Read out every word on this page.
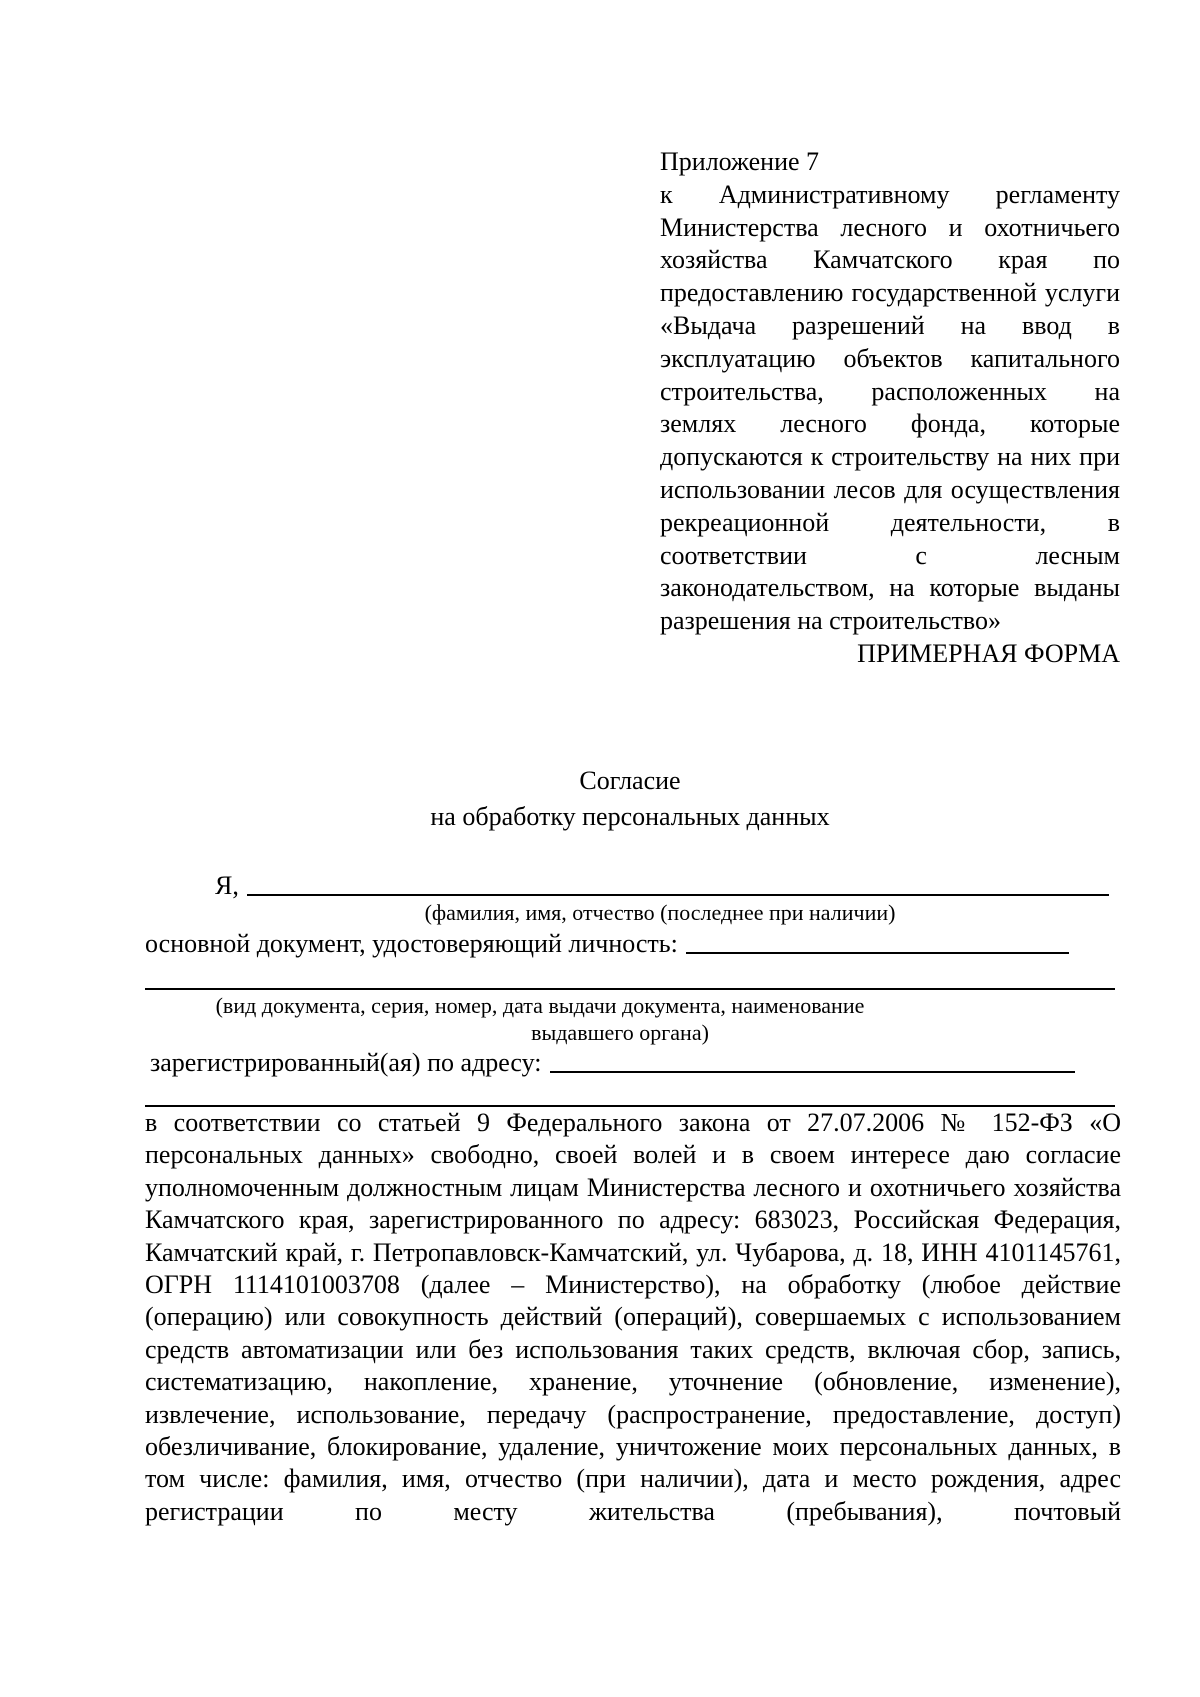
Приложение 7

к Административному регламенту Министерства лесного и охотничьего хозяйства Камчатского края по предоставлению государственной услуги «Выдача разрешений на ввод в эксплуатацию объектов капитального строительства, расположенных на землях лесного фонда, которые допускаются к строительству на них при использовании лесов для осуществления рекреационной деятельности, в соответствии с лесным законодательством, на которые выданы разрешения на строительство»

ПРИМЕРНАЯ ФОРМА

Согласие
на обработку персональных данных
Я,
(фамилия, имя, отчество (последнее при наличии)
основной документ, удостоверяющий личность:
(вид документа, серия, номер, дата выдачи документа, наименование
выдавшего органа)
зарегистрированный(ая) по адресу:
в соответствии со статьей 9 Федерального закона от 27.07.2006 № 152-ФЗ «О персональных данных» свободно, своей волей и в своем интересе даю согласие уполномоченным должностным лицам Министерства лесного и охотничьего хозяйства Камчатского края, зарегистрированного по адресу: 683023, Российская Федерация, Камчатский край, г. Петропавловск-Камчатский, ул. Чубарова, д. 18, ИНН 4101145761, ОГРН 1114101003708 (далее – Министерство), на обработку (любое действие (операцию) или совокупность действий (операций), совершаемых с использованием средств автоматизации или без использования таких средств, включая сбор, запись, систематизацию, накопление, хранение, уточнение (обновление, изменение), извлечение, использование, передачу (распространение, предоставление, доступ) обезличивание, блокирование, удаление, уничтожение моих персональных данных, в том числе: фамилия, имя, отчество (при наличии), дата и место рождения, адрес регистрации по месту жительства (пребывания), почтовый
